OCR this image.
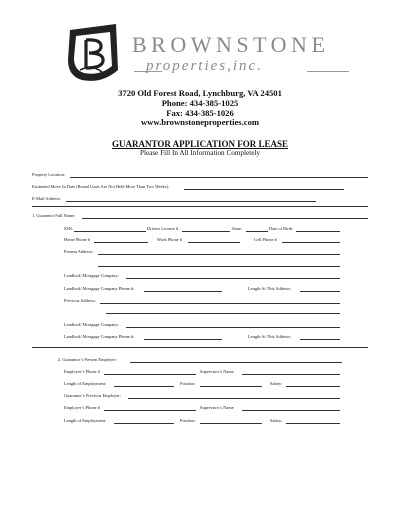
BROWNSTONE
properties,inc.
3720 Old Forest Road, Lynchburg, VA 24501
Phone: 434-385-1025
Fax: 434-385-1026
www.brownstoneproperties.com
GUARANTOR APPLICATION FOR LEASE
Please Fill In All Information Completely
Property Location:
Estimated Move In Date (Rental Units Are Not Held More Than Two Weeks):
E-Mail Address:
1. Guarantor Full Name:
SSN:	Drivers License #	State:	Date of Birth:
Home Phone #	Work Phone #	Cell Phone #
Present Address:
Landlord/ Mortgage Company:
Landlord/ Mortgage Company Phone #:	Length At This Address:
Previous Address:
Landlord/ Mortgage Company:
Landlord/ Mortgage Company Phone #:	Length At This Address:
2. Guarantor’s Present Employer:
Employer’s Phone #	Supervisor’s Name
Length of Employment:	Position:	Salary:
Guarantor’s Previous Employer:
Employer’s Phone #	Supervisor’s Name
Length of Employment:	Position:	Salary:
